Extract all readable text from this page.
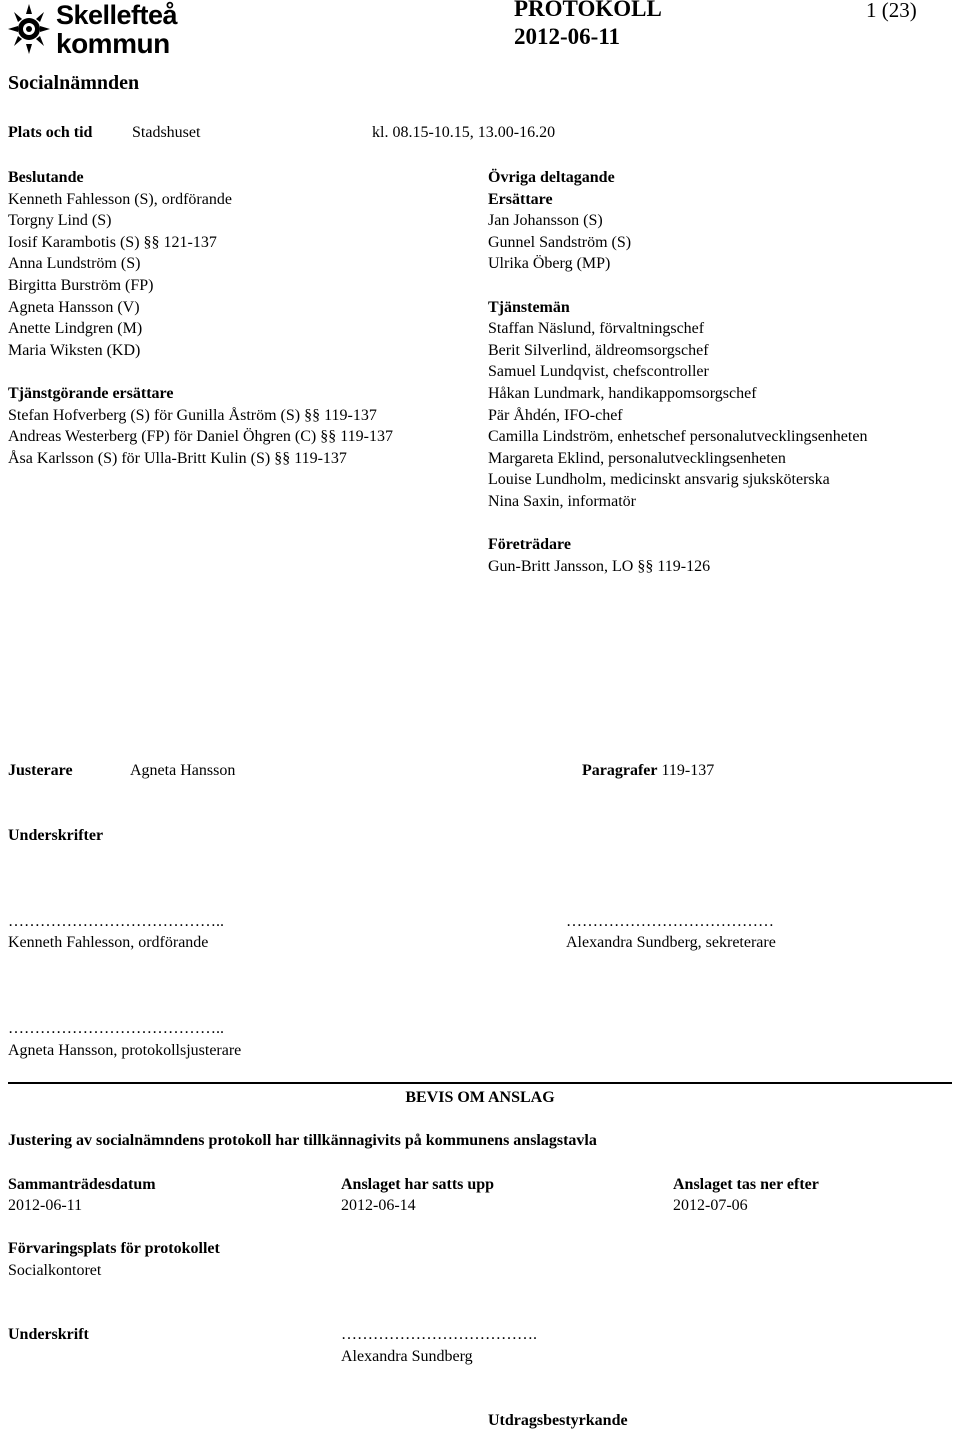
Skellefteå
kommun
PROTOKOLL
2012-06-11
1 (23)
Socialnämnden
Plats och tid Stadshuset	kl. 08.15-10.15, 13.00-16.20
Beslutande
Kenneth Fahlesson (S), ordförande
Torgny Lind (S)
Iosif Karambotis (S) §§ 121-137
Anna Lundström (S)
Birgitta Burström (FP)
Agneta Hansson (V)
Anette Lindgren (M)
Maria Wiksten (KD)
Tjänstgörande ersättare
Stefan Hofverberg (S) för Gunilla Åström (S) §§ 119-137
Andreas Westerberg (FP) för Daniel Öhgren (C) §§ 119-137
Åsa Karlsson (S) för Ulla-Britt Kulin (S) §§ 119-137
Övriga deltagande
Ersättare
Jan Johansson (S)
Gunnel Sandström (S)
Ulrika Öberg (MP)
Tjänstemän
Staffan Näslund, förvaltningschef
Berit Silverlind, äldreomsorgschef
Samuel Lundqvist, chefscontroller
Håkan Lundmark, handikappomsorgschef
Pär Åhdén, IFO-chef
Camilla Lindström, enhetschef personalutvecklingsenheten
Margareta Eklind, personalutvecklingsenheten
Louise Lundholm, medicinskt ansvarig sjuksköterska
Nina Saxin, informatör
Företrädare
Gun-Britt Jansson, LO §§ 119-126
Justerare	Agneta Hansson	Paragrafer 119-137
Underskrifter
…………………………………..
Kenneth Fahlesson, ordförande
…………………………………
Alexandra Sundberg, sekreterare
…………………………………..
Agneta Hansson, protokollsjusterare
BEVIS OM ANSLAG
Justering av socialnämndens protokoll har tillkännagivits på kommunens anslagstavla
Sammanträdesdatum
2012-06-11
Anslaget har satts upp
2012-06-14
Anslaget tas ner efter
2012-07-06
Förvaringsplats för protokollet
Socialkontoret
Underskrift	……………………………….
Alexandra Sundberg
Utdragsbestyrkande
